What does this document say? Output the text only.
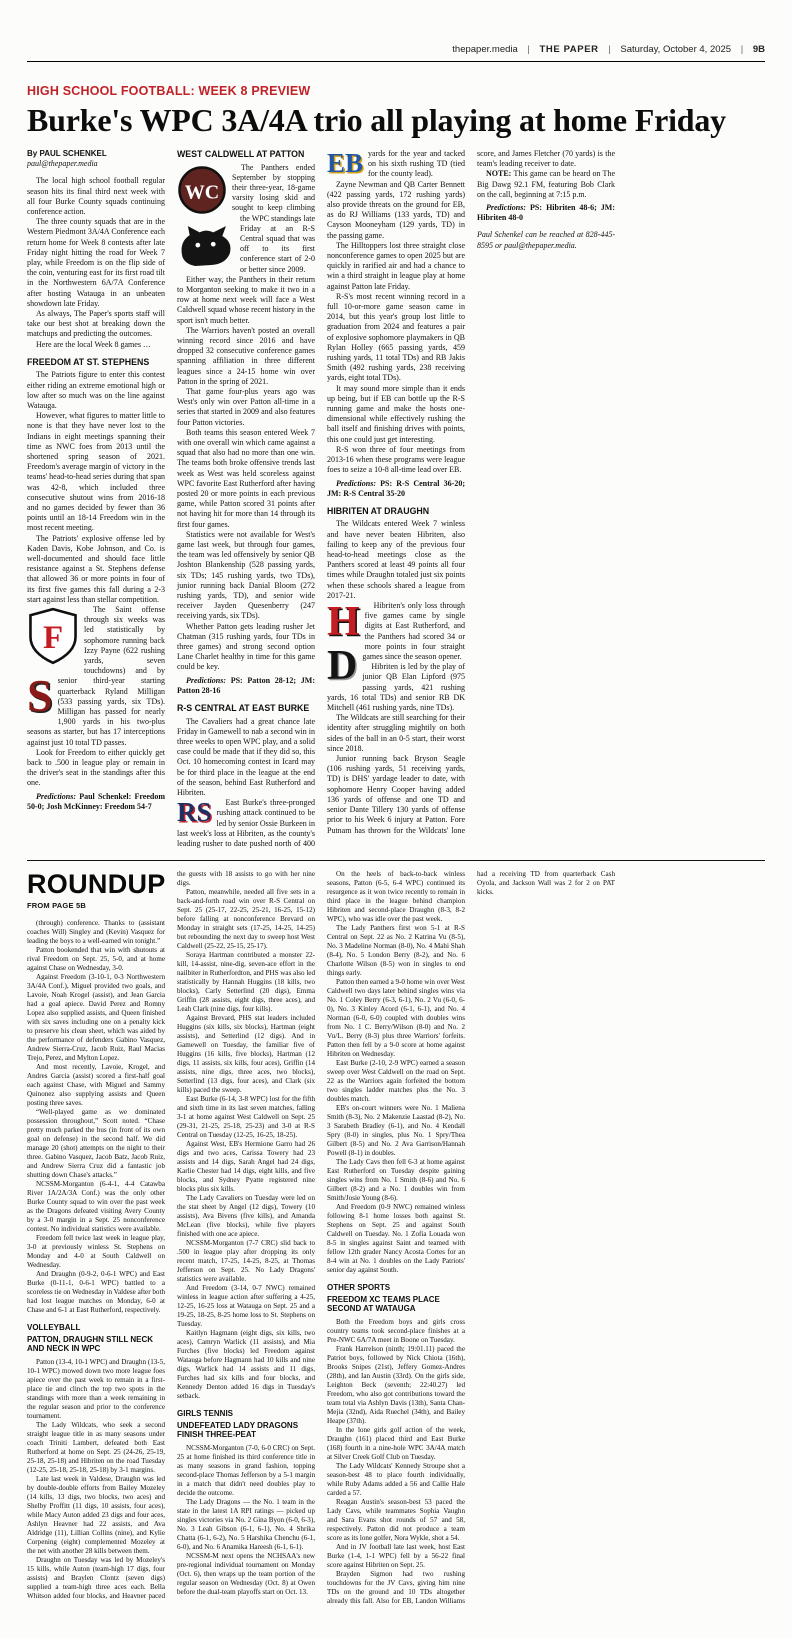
thepaper.media | THE PAPER | Saturday, October 4, 2025 | 9B
HIGH SCHOOL FOOTBALL: WEEK 8 PREVIEW
Burke's WPC 3A/4A trio all playing at home Friday

By PAUL SCHENKEL

paul@thepaper.media

The local high school football regular season hits its final third next week with all four Burke County squads continuing conference action.

The three county squads that are in the Western Piedmont 3A/4A Conference each return home for Week 8 contests after late Friday night hitting the road for Week 7 play, while Freedom is on the flip side of the coin, venturing east for its first road tilt in the Northwestern 6A/7A Conference after hosting Watauga in an unbeaten showdown late Friday.

As always, The Paper's sports staff will take our best shot at breaking down the matchups and predicting the outcomes.

Here are the local Week 8 games …

FREEDOM AT ST. STEPHENS

The Patriots figure to enter this contest either riding an extreme emotional high or low after so much was on the line against Watauga.

However, what figures to matter little to none is that they have never lost to the Indians in eight meetings spanning their time as NWC foes from 2013 until the shortened spring season of 2021. Freedom's average margin of victory in the teams' head-to-head series during that span was 42-8, which included three consecutive shutout wins from 2016-18 and no games decided by fewer than 36 points until an 18-14 Freedom win in the most recent meeting.

The Patriots' explosive offense led by Kaden Davis, Kobe Johnson, and Co. is well-documented and should face little resistance against a St. Stephens defense that allowed 36 or more points in four of its first five games this fall during a 2-3 start against less than stellar competition.

F
S

The Saint offense through six weeks was led statistically by sophomore running back Izzy Payne (622 rushing yards, seven touchdowns) and by senior third-year starting quarterback Ryland Milligan (533 passing yards, six TDs). Milligan has passed for nearly 1,900 yards in his two-plus seasons as starter, but has 17 interceptions against just 10 total TD passes.

Look for Freedom to either quickly get back to .500 in league play or remain in the driver's seat in the standings after this one.

Predictions: Paul Schenkel: Freedom 50-0; Josh McKinney: Freedom 54-7

WEST CALDWELL AT PATTON
WC

The Panthers ended September by stopping their three-year, 18-game varsity losing skid and sought to keep climbing the WPC standings late Friday at an R-S Central squad that was off to its first conference start of 2-0 or better since 2009.

Either way, the Panthers in their return to Morganton seeking to make it two in a row at home next week will face a West Caldwell squad whose recent history in the sport isn't much better.

The Warriors haven't posted an overall winning record since 2016 and have dropped 32 consecutive conference games spanning affiliation in three different leagues since a 24-15 home win over Patton in the spring of 2021.

That game four-plus years ago was West's only win over Patton all-time in a series that started in 2009 and also features four Patton victories.

Both teams this season entered Week 7 with one overall win which came against a squad that also had no more than one win. The teams both broke offensive trends last week as West was held scoreless against WPC favorite East Rutherford after having posted 20 or more points in each previous game, while Patton scored 31 points after not having hit for more than 14 through its first four games.

Statistics were not available for West's game last week, but through four games, the team was led offensively by senior QB Joshton Blankenship (528 passing yards, six TDs; 145 rushing yards, two TDs), junior running back Danial Bloom (272 rushing yards, TD), and senior wide receiver Jayden Quesenberry (247 receiving yards, six TDs).

Whether Patton gets leading rusher Jet Chatman (315 rushing yards, four TDs in three games) and strong second option Lane Charlet healthy in time for this game could be key.

Predictions: PS: Patton 28-12; JM: Patton 28-16

R-S CENTRAL AT EAST BURKE

The Cavaliers had a great chance late Friday in Gamewell to nab a second win in three weeks to open WPC play, and a solid case could be made that if they did so, this Oct. 10 homecoming contest in Icard may be for third place in the league at the end of the season, behind East Rutherford and Hibriten.

RS
EB

East Burke's three-pronged rushing attack continued to be led by senior Ossie Burkeen in last week's loss at Hibriten, as the county's leading rusher to date pushed north of 400 yards for the year and tacked on his sixth rushing TD (tied for the county lead).

Zayne Newman and QB Carter Bennett (422 passing yards, 172 rushing yards) also provide threats on the ground for EB, as do RJ Williams (133 yards, TD) and Cayson Mooneyham (129 yards, TD) in the passing game.

The Hilltoppers lost three straight close nonconference games to open 2025 but are quickly in rarified air and had a chance to win a third straight in league play at home against Patton late Friday.

R-S's most recent winning record in a full 10-or-more game season came in 2014, but this year's group lost little to graduation from 2024 and features a pair of explosive sophomore playmakers in QB Rylan Holley (665 passing yards, 459 rushing yards, 11 total TDs) and RB Jakis Smith (492 rushing yards, 238 receiving yards, eight total TDs).

It may sound more simple than it ends up being, but if EB can bottle up the R-S running game and make the hosts one-dimensional while effectively rushing the ball itself and finishing drives with points, this one could just get interesting.

R-S won three of four meetings from 2013-16 when these programs were league foes to seize a 10-8 all-time lead over EB.

Predictions: PS: R-S Central 36-20; JM: R-S Central 35-20

HIBRITEN AT DRAUGHN

The Wildcats entered Week 7 winless and have never beaten Hibriten, also failing to keep any of the previous four head-to-head meetings close as the Panthers scored at least 49 points all four times while Draughn totaled just six points when these schools shared a league from 2017-21.

H
D

Hibriten's only loss through five games came by single digits at East Rutherford, and the Panthers had scored 34 or more points in four straight games since the season opener.

Hibriten is led by the play of junior QB Elan Lipford (975 passing yards, 421 rushing yards, 16 total TDs) and senior RB DK Mitchell (461 rushing yards, nine TDs).

The Wildcats are still searching for their identity after struggling mightily on both sides of the ball in an 0-5 start, their worst since 2018.

Junior running back Bryson Seagle (106 rushing yards, 51 receiving yards, TD) is DHS' yardage leader to date, with sophomore Henry Cooper having added 136 yards of offense and one TD and senior Dante Tillery 130 yards of offense prior to his Week 6 injury at Patton. Fore Putnam has thrown for the Wildcats' lone score, and James Fletcher (70 yards) is the team's leading receiver to date.

NOTE: This game can be heard on The Big Dawg 92.1 FM, featuring Bob Clark on the call, beginning at 7:15 p.m.

Predictions: PS: Hibriten 48-6; JM: Hibriten 48-0

Paul Schenkel can be reached at 828-445-8595 or paul@thepaper.media.

ROUNDUP
FROM PAGE 5B

(through) conference. Thanks to (assistant coaches Will) Singley and (Kevin) Vasquez for leading the boys to a well-earned win tonight.”

Patton bookended that win with shutouts at rival Freedom on Sept. 25, 5-0, and at home against Chase on Wednesday, 3-0.

Against Freedom (3-10-1, 0-3 Northwestern 3A/4A Conf.), Miguel provided two goals, and Lavoie, Noah Krogel (assist), and Jean Garcia had a goal apiece. David Perez and Romny Lopez also supplied assists, and Queen finished with six saves including one on a penalty kick to preserve his clean sheet, which was aided by the performance of defenders Gabino Vasquez, Andrew Sierra-Cruz, Jacob Ruiz, Raul Macias Trejo, Perez, and Mylton Lopez.

And most recently, Lavoie, Krogel, and Andres Garcia (assist) scored a first-half goal each against Chase, with Miguel and Sammy Quinonez also supplying assists and Queen posting three saves.

“Well-played game as we dominated possession throughout,” Scott noted. “Chase pretty much parked the bus (in front of its own goal on defense) in the second half. We did manage 20 (shot) attempts on the night to their three. Gabino Vasquez, Jacob Batz, Jacob Ruiz, and Andrew Sierra Cruz did a fantastic job shutting down Chase's attacks.”

NCSSM-Morganton (6-4-1, 4-4 Catawba River 1A/2A/3A Conf.) was the only other Burke County squad to win over the past week as the Dragons defeated visiting Avery County by a 3-0 margin in a Sept. 25 nonconference contest. No individual statistics were available.

Freedom fell twice last week in league play, 3-0 at previously winless St. Stephens on Monday and 4-0 at South Caldwell on Wednesday.

And Draughn (0-9-2, 0-6-1 WPC) and East Burke (0-11-1, 0-6-1 WPC) battled to a scoreless tie on Wednesday in Valdese after both had lost league matches on Monday, 6-0 at Chase and 6-1 at East Rutherford, respectively.

VOLLEYBALL
PATTON, DRAUGHN STILL NECK AND NECK IN WPC

Patton (13-4, 10-1 WPC) and Draughn (13-5, 10-1 WPC) mowed down two more league foes apiece over the past week to remain in a first-place tie and clinch the top two spots in the standings with more than a week remaining in the regular season and prior to the conference tournament.

The Lady Wildcats, who seek a second straight league title in as many seasons under coach Triniti Lambert, defeated both East Rutherford at home on Sept. 25 (24-26, 25-19, 25-18, 25-18) and Hibriten on the road Tuesday (12-25, 25-18, 25-18, 25-18) by 3-1 margins.

Late last week in Valdese, Draughn was led by double-double efforts from Bailey Mozeley (14 kills, 13 digs, two blocks, two aces) and Shelby Proffitt (11 digs, 10 assists, four aces), while Macy Auton added 23 digs and four aces, Ashlyn Heavner had 22 assists, and Ava Aldridge (11), Lillian Collins (nine), and Kylie Corpening (eight) complemented Mozeley at the net with another 28 kills between them.

Draughn on Tuesday was led by Mozeley's 15 kills, while Auton (team-high 17 digs, four assists) and Braylen Clontz (seven digs) supplied a team-high three aces each. Bella Whitson added four blocks, and Heavner paced the guests with 18 assists to go with her nine digs.

Patton, meanwhile, needed all five sets in a back-and-forth road win over R-S Central on Sept. 25 (25-17, 22-25, 25-21, 16-25, 15-12) before falling at nonconference Brevard on Monday in straight sets (17-25, 14-25, 14-25) but rebounding the next day to sweep host West Caldwell (25-22, 25-15, 25-17).

Soraya Hartman contributed a monster 22-kill, 14-assist, nine-dig, seven-ace effort in the nailbiter in Rutherfordton, and PHS was also led statistically by Hannah Huggins (18 kills, two blocks), Carly Setterlind (20 digs), Emma Griffin (28 assists, eight digs, three aces), and Leah Clark (nine digs, four kills).

Against Brevard, PHS stat leaders included Huggins (six kills, six blocks), Hartman (eight assists), and Setterlind (12 digs). And in Gamewell on Tuesday, the familiar five of Huggins (16 kills, five blocks), Hartman (12 digs, 11 assists, six kills, four aces), Griffin (14 assists, nine digs, three aces, two blocks), Setterlind (13 digs, four aces), and Clark (six kills) paced the sweep.

East Burke (6-14, 3-8 WPC) lost for the fifth and sixth time in its last seven matches, falling 3-1 at home against West Caldwell on Sept. 25 (29-31, 21-25, 25-18, 25-23) and 3-0 at R-S Central on Tuesday (12-25, 16-25, 18-25).

Against West, EB's Hermione Garro had 26 digs and two aces, Carissa Towery had 23 assists and 14 digs, Sarah Angel had 24 digs, Karlie Chester had 14 digs, eight kills, and five blocks, and Sydney Pyatte registered nine blocks plus six kills.

The Lady Cavaliers on Tuesday were led on the stat sheet by Angel (12 digs), Towery (10 assists), Ava Bivens (five kills), and Amanda McLean (five blocks), while five players finished with one ace apiece.

NCSSM-Morganton (7-7 CRC) slid back to .500 in league play after dropping its only recent match, 17-25, 14-25, 8-25, at Thomas Jefferson on Sept. 25. No Lady Dragons' statistics were available.

And Freedom (3-14, 0-7 NWC) remained winless in league action after suffering a 4-25, 12-25, 16-25 loss at Watauga on Sept. 25 and a 19-25, 18-25, 8-25 home loss to St. Stephens on Tuesday.

Kaitlyn Hagmann (eight digs, six kills, two aces), Camryn Warlick (11 assists), and Mia Furches (five blocks) led Freedom against Watauga before Hagmann had 10 kills and nine digs, Warlick had 14 assists and 11 digs, Furches had six kills and four blocks, and Kennedy Denton added 16 digs in Tuesday's setback.

GIRLS TENNIS
UNDEFEATED LADY DRAGONS FINISH THREE-PEAT

NCSSM-Morganton (7-0, 6-0 CRC) on Sept. 25 at home finished its third conference title in as many seasons in grand fashion, topping second-place Thomas Jefferson by a 5-1 margin in a match that didn't need doubles play to decide the outcome.

The Lady Dragons — the No. 1 team in the state in the latest 1A RPI ratings — picked up singles victories via No. 2 Gina Byon (6-0, 6-3), No. 3 Leah Gibson (6-1, 6-1), No. 4 Shrika Chatta (6-1, 6-2), No. 5 Harshika Chenchu (6-1, 6-0), and No. 6 Anamika Hareesh (6-1, 6-1).

NCSSM-M next opens the NCHSAA's new pre-regional individual tournament on Monday (Oct. 6), then wraps up the team portion of the regular season on Wednesday (Oct. 8) at Owen before the dual-team playoffs start on Oct. 13.

On the heels of back-to-back winless seasons, Patton (6-5, 6-4 WPC) continued its resurgence as it won twice recently to remain in third place in the league behind champion Hibriten and second-place Draughn (8-3, 8-2 WPC), who was idle over the past week.

The Lady Panthers first won 5-1 at R-S Central on Sept. 22 as No. 2 Katrina Vu (8-5), No. 3 Madeline Norman (8-0), No. 4 Mahi Shah (8-4), No. 5 London Berry (8-2), and No. 6 Charlotte Wilson (8-5) won in singles to end things early.

Patton then earned a 9-0 home win over West Caldwell two days later behind singles wins via No. 1 Coley Berry (6-3, 6-1), No. 2 Vu (6-0, 6-0), No. 3 Kinley Acord (6-1, 6-1), and No. 4 Norman (6-0, 6-0) coupled with doubles wins from No. 1 C. Berry/Wilson (8-0) and No. 2 Vu/L. Berry (8-3) plus three Warriors' forfeits. Patton then fell by a 9-0 score at home against Hibriten on Wednesday.

East Burke (2-10, 2-9 WPC) earned a season sweep over West Caldwell on the road on Sept. 22 as the Warriors again forfeited the bottom two singles ladder matches plus the No. 3 doubles match.

EB's on-court winners were No. 1 Maliena Smith (8-3), No. 2 Makenzie Laastad (8-2), No. 3 Sarabeth Bradley (6-1), and No. 4 Kendall Spry (8-0) in singles, plus No. 1 Spry/Thea Gilbert (8-5) and No. 2 Ava Garrison/Hannah Powell (8-1) in doubles.

The Lady Cavs then fell 6-3 at home against East Rutherford on Tuesday despite gaining singles wins from No. 1 Smith (8-6) and No. 6 Gilbert (8-2) and a No. 1 doubles win from Smith/Josie Young (8-6).

And Freedom (0-9 NWC) remained winless following 8-1 home losses both against St. Stephens on Sept. 25 and against South Caldwell on Tuesday. No. 1 Zofia Louada won 8-5 in singles against Saint and teamed with fellow 12th grader Nancy Acosta Cortes for an 8-4 win at No. 1 doubles on the Lady Patriots' senior day against South.

OTHER SPORTS
FREEDOM XC TEAMS PLACE SECOND AT WATAUGA

Both the Freedom boys and girls cross country teams took second-place finishes at a Pre-NWC 6A/7A meet in Boone on Tuesday.

Frank Harrelson (ninth; 19:01.11) paced the Patriot boys, followed by Nick Chiota (16th), Brooks Snipes (21st), Jeffery Gomez-Andres (28th), and Ian Austin (33rd). On the girls side, Leighton Beck (seventh; 22:40.27) led Freedom, who also got contributions toward the team total via Ashlyn Davis (13th), Santa Chan-Mejia (32nd), Aida Ruechel (34th), and Bailey Heape (37th).

In the lone girls golf action of the week, Draughn (161) placed third and East Burke (168) fourth in a nine-hole WPC 3A/4A match at Silver Creek Golf Club on Tuesday.

The Lady Wildcats' Kennedy Stroupe shot a season-best 48 to place fourth individually, while Ruby Adams added a 56 and Callie Hale carded a 57.

Reagan Austin's season-best 53 paced the Lady Cavs, while teammates Sophia Vaughn and Sara Evans shot rounds of 57 and 58, respectively. Patton did not produce a team score as its lone golfer, Nora Wykle, shot a 54.

And in JV football late last week, host East Burke (1-4, 1-1 WPC) fell by a 56-22 final score against Hibriten on Sept. 25.

Brayden Sigmon had two rushing touchdowns for the JV Cavs, giving him nine TDs on the ground and 10 TDs altogether already this fall. Also for EB, Landon Williams had a receiving TD from quarterback Cash Oyola, and Jackson Wall was 2 for 2 on PAT kicks.
